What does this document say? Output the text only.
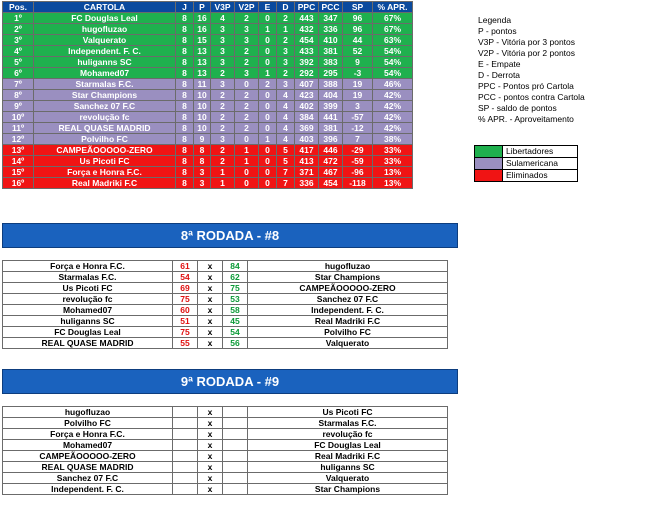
Pos.	CARTOLA	J	P	V3P	V2P	E	D	PPC	PCC	SP	% APR.
1º	FC Douglas Leal	8	16	4	2	0	2	443	347	96	67%
2º	hugofluzao	8	16	3	3	1	1	432	336	96	67%
3º	Valquerato	8	15	3	3	0	2	454	410	44	63%
4º	Independent. F. C.	8	13	3	2	0	3	433	381	52	54%
5º	huliganns SC	8	13	3	2	0	3	392	383	9	54%
6º	Mohamed07	8	13	2	3	1	2	292	295	-3	54%
7º	Starmalas F.C.	8	11	3	0	2	3	407	388	19	46%
8º	Star Champions	8	10	2	2	0	4	423	404	19	42%
9º	Sanchez 07 F.C	8	10	2	2	0	4	402	399	3	42%
10º	revolução fc	8	10	2	2	0	4	384	441	-57	42%
11º	REAL QUASE MADRID	8	10	2	2	0	4	369	381	-12	42%
12º	Polvilho FC	8	9	3	0	1	4	403	396	7	38%
13º	CAMPEÃOOOOO-ZERO	8	8	2	1	0	5	417	446	-29	33%
14º	Us Picoti FC	8	8	2	1	0	5	413	472	-59	33%
15º	Força e Honra F.C.	8	3	1	0	0	7	371	467	-96	13%
16º	Real Madriki F.C	8	3	1	0	0	7	336	454	-118	13%
Legenda
P - pontos
V3P - Vitória por 3 pontos
V2P - Vitória por 2 pontos
E - Empate
D - Derrota
PPC - Pontos pró Cartola
PCC - pontos contra Cartola
SP - saldo de pontos
% APR. - Aproveitamento
	Libertadores
	Sulamericana
	Eliminados
8ª RODADA - #8
Força e Honra F.C.	61	x	84	hugofluzao
Starmalas F.C.	54	x	62	Star Champions
Us Picoti FC	69	x	75	CAMPEÃOOOOO-ZERO
revolução fc	75	x	53	Sanchez 07 F.C
Mohamed07	60	x	58	Independent. F. C.
huliganns SC	51	x	45	Real Madriki F.C
FC Douglas Leal	75	x	54	Polvilho FC
REAL QUASE MADRID	55	x	56	Valquerato
9ª RODADA - #9
hugofluzao		x		Us Picoti FC
Polvilho FC		x		Starmalas F.C.
Força e Honra F.C.		x		revolução fc
Mohamed07		x		FC Douglas Leal
CAMPEÃOOOOO-ZERO		x		Real Madriki F.C
REAL QUASE MADRID		x		huliganns SC
Sanchez 07 F.C		x		Valquerato
Independent. F. C.		x		Star Champions
